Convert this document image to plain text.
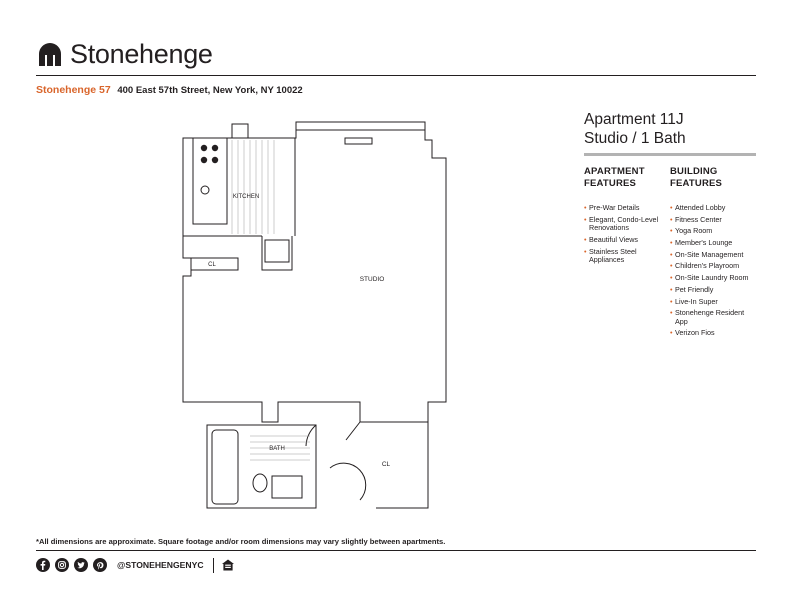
Stonehenge
Stonehenge 57 400 East 57th Street, New York, NY 10022
Apartment 11J
Studio / 1 Bath
APARTMENT
FEATURES
• Pre-War Details
• Elegant, Condo-Level Renovations
• Beautiful Views
• Stainless Steel Appliances
BUILDING
FEATURES
• Attended Lobby
• Fitness Center
• Yoga Room
• Member's Lounge
• On-Site Management
• Children's Playroom
• On-Site Laundry Room
• Pet Friendly
• Live-In Super
• Stonehenge Resident App
• Verizon Fios
KITCHEN
STUDIO
BATH
CL
CL
*All dimensions are approximate. Square footage and/or room dimensions may vary slightly between apartments.
@STONEHENGENYC
